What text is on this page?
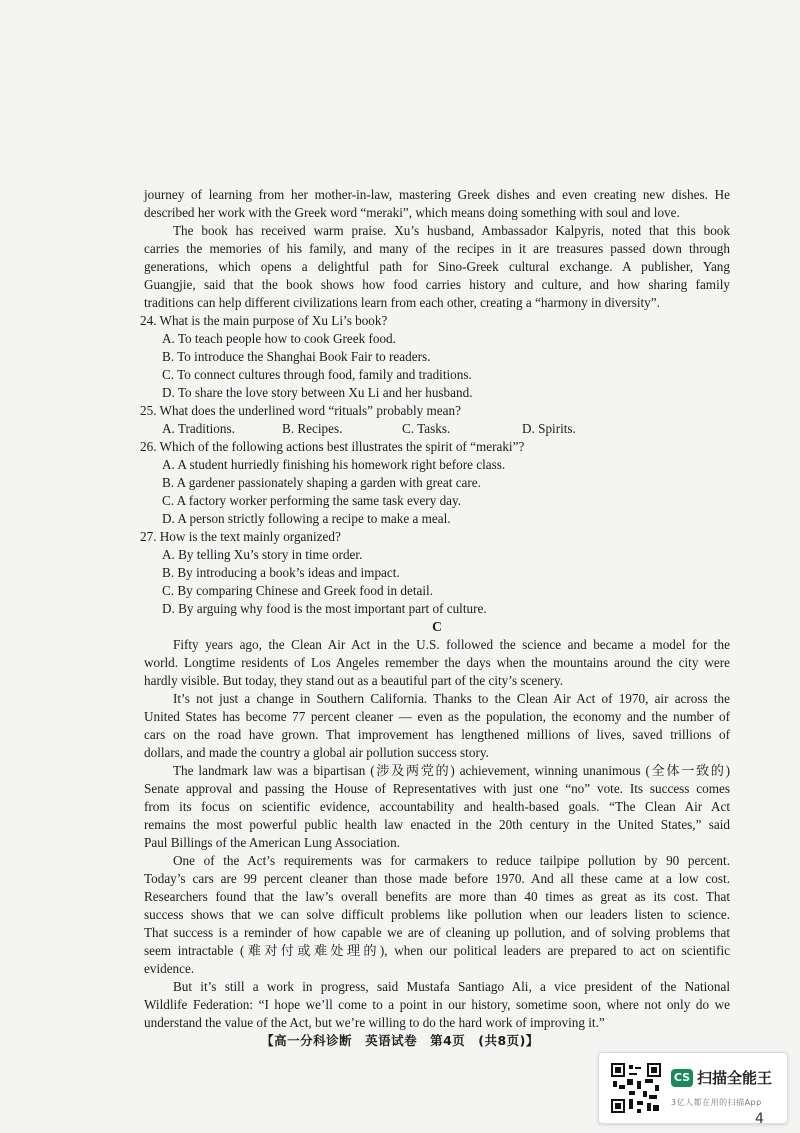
journey of learning from her mother-in-law, mastering Greek dishes and even creating new dishes. He
described her work with the Greek word “meraki”, which means doing something with soul and love.
The book has received warm praise. Xu’s husband, Ambassador Kalpyris, noted that this book
carries the memories of his family, and many of the recipes in it are treasures passed down through
generations, which opens a delightful path for Sino-Greek cultural exchange. A publisher, Yang
Guangjie, said that the book shows how food carries history and culture, and how sharing family
traditions can help different civilizations learn from each other, creating a “harmony in diversity”.
24. What is the main purpose of Xu Li’s book?
A. To teach people how to cook Greek food.
B. To introduce the Shanghai Book Fair to readers.
C. To connect cultures through food, family and traditions.
D. To share the love story between Xu Li and her husband.
25. What does the underlined word “rituals” probably mean?
A. Traditions.	B. Recipes.	C. Tasks.	D. Spirits.
26. Which of the following actions best illustrates the spirit of “meraki”?
A. A student hurriedly finishing his homework right before class.
B. A gardener passionately shaping a garden with great care.
C. A factory worker performing the same task every day.
D. A person strictly following a recipe to make a meal.
27. How is the text mainly organized?
A. By telling Xu’s story in time order.
B. By introducing a book’s ideas and impact.
C. By comparing Chinese and Greek food in detail.
D. By arguing why food is the most important part of culture.
C
Fifty years ago, the Clean Air Act in the U.S. followed the science and became a model for the
world. Longtime residents of Los Angeles remember the days when the mountains around the city were
hardly visible. But today, they stand out as a beautiful part of the city’s scenery.
It’s not just a change in Southern California. Thanks to the Clean Air Act of 1970, air across the
United States has become 77 percent cleaner — even as the population, the economy and the number of
cars on the road have grown. That improvement has lengthened millions of lives, saved trillions of
dollars, and made the country a global air pollution success story.
The landmark law was a bipartisan (涉及两党的) achievement, winning unanimous (全体一致的)
Senate approval and passing the House of Representatives with just one “no” vote. Its success comes
from its focus on scientific evidence, accountability and health-based goals. “The Clean Air Act
remains the most powerful public health law enacted in the 20th century in the United States,” said
Paul Billings of the American Lung Association.
One of the Act’s requirements was for carmakers to reduce tailpipe pollution by 90 percent.
Today’s cars are 99 percent cleaner than those made before 1970. And all these came at a low cost.
Researchers found that the law’s overall benefits are more than 40 times as great as its cost. That
success shows that we can solve difficult problems like pollution when our leaders listen to science.
That success is a reminder of how capable we are of cleaning up pollution, and of solving problems that
seem intractable (难对付或难处理的), when our political leaders are prepared to act on scientific
evidence.
But it’s still a work in progress, said Mustafa Santiago Ali, a vice president of the National
Wildlife Federation: “I hope we’ll come to a point in our history, sometime soon, where not only do we
understand the value of the Act, but we’re willing to do the hard work of improving it.”
【高一分科诊断　英语试卷　第4页　(共8页)】
CS 扫描全能王
3亿人都在用的扫描App
4
